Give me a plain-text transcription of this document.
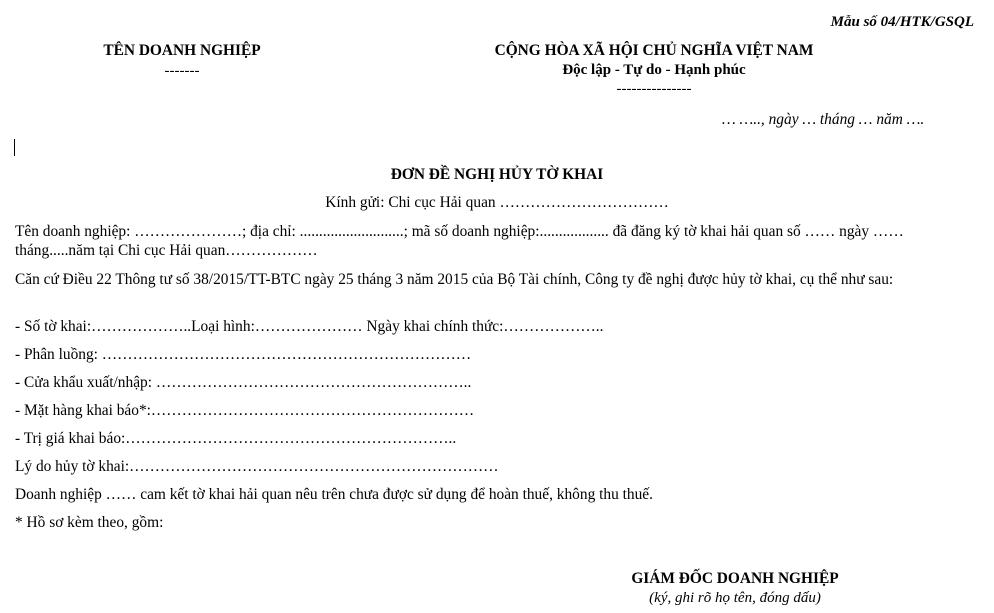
Mẫu số 04/HTK/GSQL
TÊN DOANH NGHIỆP
-------
CỘNG HÒA XÃ HỘI CHỦ NGHĨA VIỆT NAM
Độc lập - Tự do - Hạnh phúc
---------------
… ….., ngày … tháng … năm ….
ĐƠN ĐỀ NGHỊ HỦY TỜ KHAI
Kính gửi: Chi cục Hải quan ……………………………
Tên doanh nghiệp: …………………; địa chỉ: ...........................; mã số doanh nghiệp:.................. đã đăng ký tờ khai hải quan số …… ngày …… tháng.....năm tại Chi cục Hải quan………………
Căn cứ Điều 22 Thông tư số 38/2015/TT-BTC ngày 25 tháng 3 năm 2015 của Bộ Tài chính, Công ty đề nghị được hủy tờ khai, cụ thể như sau:
- Số tờ khai:………………..Loại hình:………………… Ngày khai chính thức:………………..
- Phân luồng: ………………………………………………………………
- Cửa khẩu xuất/nhập: ……………………………………………………..
- Mặt hàng khai báo*:………………………………………………………
- Trị giá khai báo:………………………………………………………..
Lý do hủy tờ khai:………………………………………………………………
Doanh nghiệp …… cam kết tờ khai hải quan nêu trên chưa được sử dụng để hoàn thuế, không thu thuế.
* Hồ sơ kèm theo, gồm:
GIÁM ĐỐC DOANH NGHIỆP
(ký, ghi rõ họ tên, đóng dấu)
